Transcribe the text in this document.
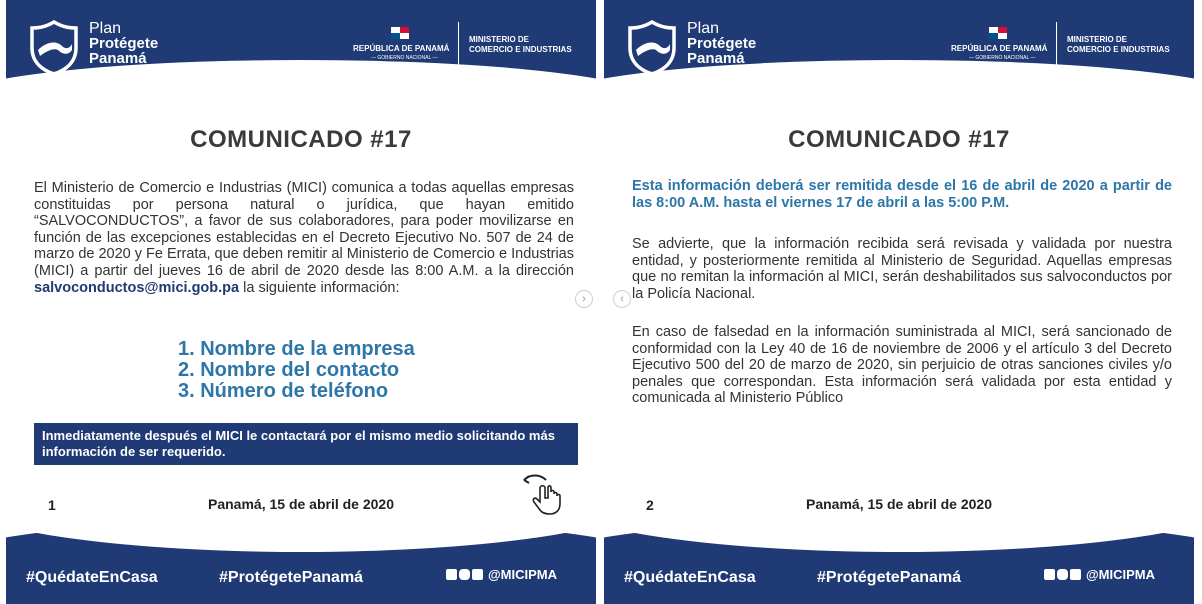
Plan
Protégete
Panamá
REPÚBLICA DE PANAMÁ
— GOBIERNO NACIONAL —
MINISTERIO DE
COMERCIO E INDUSTRIAS
COMUNICADO #17
El Ministerio de Comercio e Industrias (MICI) comunica a todas aquellas empresas constituidas por persona natural o jurídica, que hayan emitido “SALVOCONDUCTOS”, a favor de sus colaboradores, para poder movilizarse en función de las excepciones establecidas en el Decreto Ejecutivo No. 507 de 24 de marzo de 2020 y Fe Errata, que deben remitir al Ministerio de Comercio e Industrias (MICI) a partir del jueves 16 de abril de 2020 desde las 8:00 A.M. a la dirección salvoconductos@mici.gob.pa la siguiente información:
1. Nombre de la empresa
2. Nombre del contacto
3. Número de teléfono
Inmediatamente después el MICI le contactará por el mismo medio solicitando más información de ser requerido.
1	Panamá, 15 de abril de 2020
#QuédateEnCasa	#ProtégetePanamá	@MICIPMA
Plan
Protégete
Panamá
REPÚBLICA DE PANAMÁ
— GOBIERNO NACIONAL —
MINISTERIO DE
COMERCIO E INDUSTRIAS
COMUNICADO #17
Esta información deberá ser remitida desde el 16 de abril de 2020 a partir de las 8:00 A.M. hasta el viernes 17 de abril a las 5:00 P.M.
Se advierte, que la información recibida será revisada y validada por nuestra entidad, y posteriormente remitida al Ministerio de Seguridad. Aquellas empresas que no remitan la información al MICI, serán deshabilitados sus salvoconductos por la Policía Nacional.
En caso de falsedad en la información suministrada al MICI, será sancionado de conformidad con la Ley 40 de 16 de noviembre de 2006 y el artículo 3 del Decreto Ejecutivo 500 del 20 de marzo de 2020, sin perjuicio de otras sanciones civiles y/o penales que correspondan. Esta información será validada por esta entidad y comunicada al Ministerio Público
2	Panamá, 15 de abril de 2020
#QuédateEnCasa	#ProtégetePanamá	@MICIPMA
›	‹
